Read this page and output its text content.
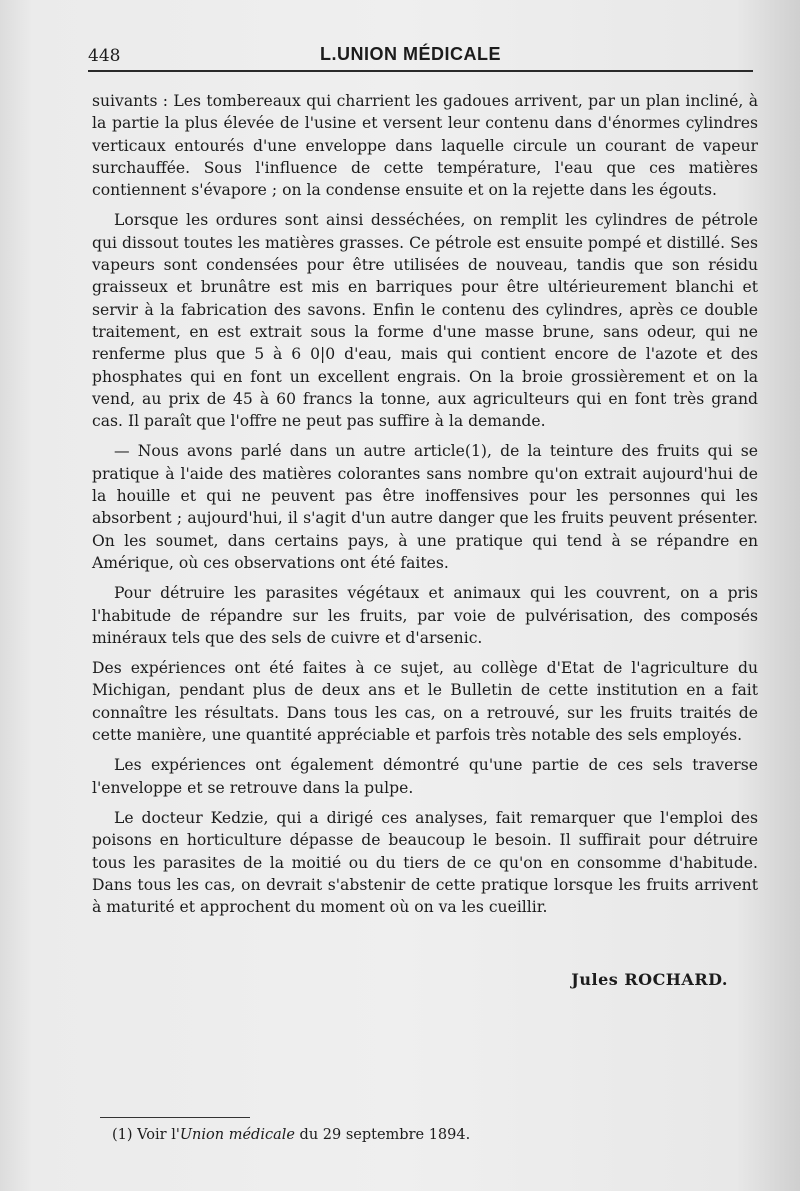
448	L.UNION MÉDICALE

suivants : Les tombereaux qui charrient les gadoues arrivent, par un plan incliné, à la partie la plus élevée de l'usine et versent leur contenu dans d'énormes cylindres verticaux entourés d'une enveloppe dans laquelle circule un courant de vapeur surchauffée. Sous l'influence de cette température, l'eau que ces matières contiennent s'évapore ; on la condense ensuite et on la rejette dans les égouts.

Lorsque les ordures sont ainsi desséchées, on remplit les cylindres de pétrole qui dissout toutes les matières grasses. Ce pétrole est ensuite pompé et distillé. Ses vapeurs sont condensées pour être utilisées de nouveau, tandis que son résidu graisseux et brunâtre est mis en barriques pour être ultérieurement blanchi et servir à la fabrication des savons. Enfin le contenu des cylindres, après ce double traitement, en est extrait sous la forme d'une masse brune, sans odeur, qui ne renferme plus que 5 à 6 0|0 d'eau, mais qui contient encore de l'azote et des phosphates qui en font un excellent engrais. On la broie grossièrement et on la vend, au prix de 45 à 60 francs la tonne, aux agriculteurs qui en font très grand cas. Il paraît que l'offre ne peut pas suffire à la demande.

— Nous avons parlé dans un autre article(1), de la teinture des fruits qui se pratique à l'aide des matières colorantes sans nombre qu'on extrait aujourd'hui de la houille et qui ne peuvent pas être inoffensives pour les personnes qui les absorbent ; aujourd'hui, il s'agit d'un autre danger que les fruits peuvent présenter. On les soumet, dans certains pays, à une pratique qui tend à se répandre en Amérique, où ces observations ont été faites.

Pour détruire les parasites végétaux et animaux qui les couvrent, on a pris l'habitude de répandre sur les fruits, par voie de pulvérisation, des composés minéraux tels que des sels de cuivre et d'arsenic.

Des expériences ont été faites à ce sujet, au collège d'Etat de l'agriculture du Michigan, pendant plus de deux ans et le Bulletin de cette institution en a fait connaître les résultats. Dans tous les cas, on a retrouvé, sur les fruits traités de cette manière, une quantité appréciable et parfois très notable des sels employés.

Les expériences ont également démontré qu'une partie de ces sels traverse l'enveloppe et se retrouve dans la pulpe.

Le docteur Kedzie, qui a dirigé ces analyses, fait remarquer que l'emploi des poisons en horticulture dépasse de beaucoup le besoin. Il suffirait pour détruire tous les parasites de la moitié ou du tiers de ce qu'on en consomme d'habitude. Dans tous les cas, on devrait s'abstenir de cette pratique lorsque les fruits arrivent à maturité et approchent du moment où on va les cueillir.

Jules ROCHARD.
(1) Voir l'Union médicale du 29 septembre 1894.
